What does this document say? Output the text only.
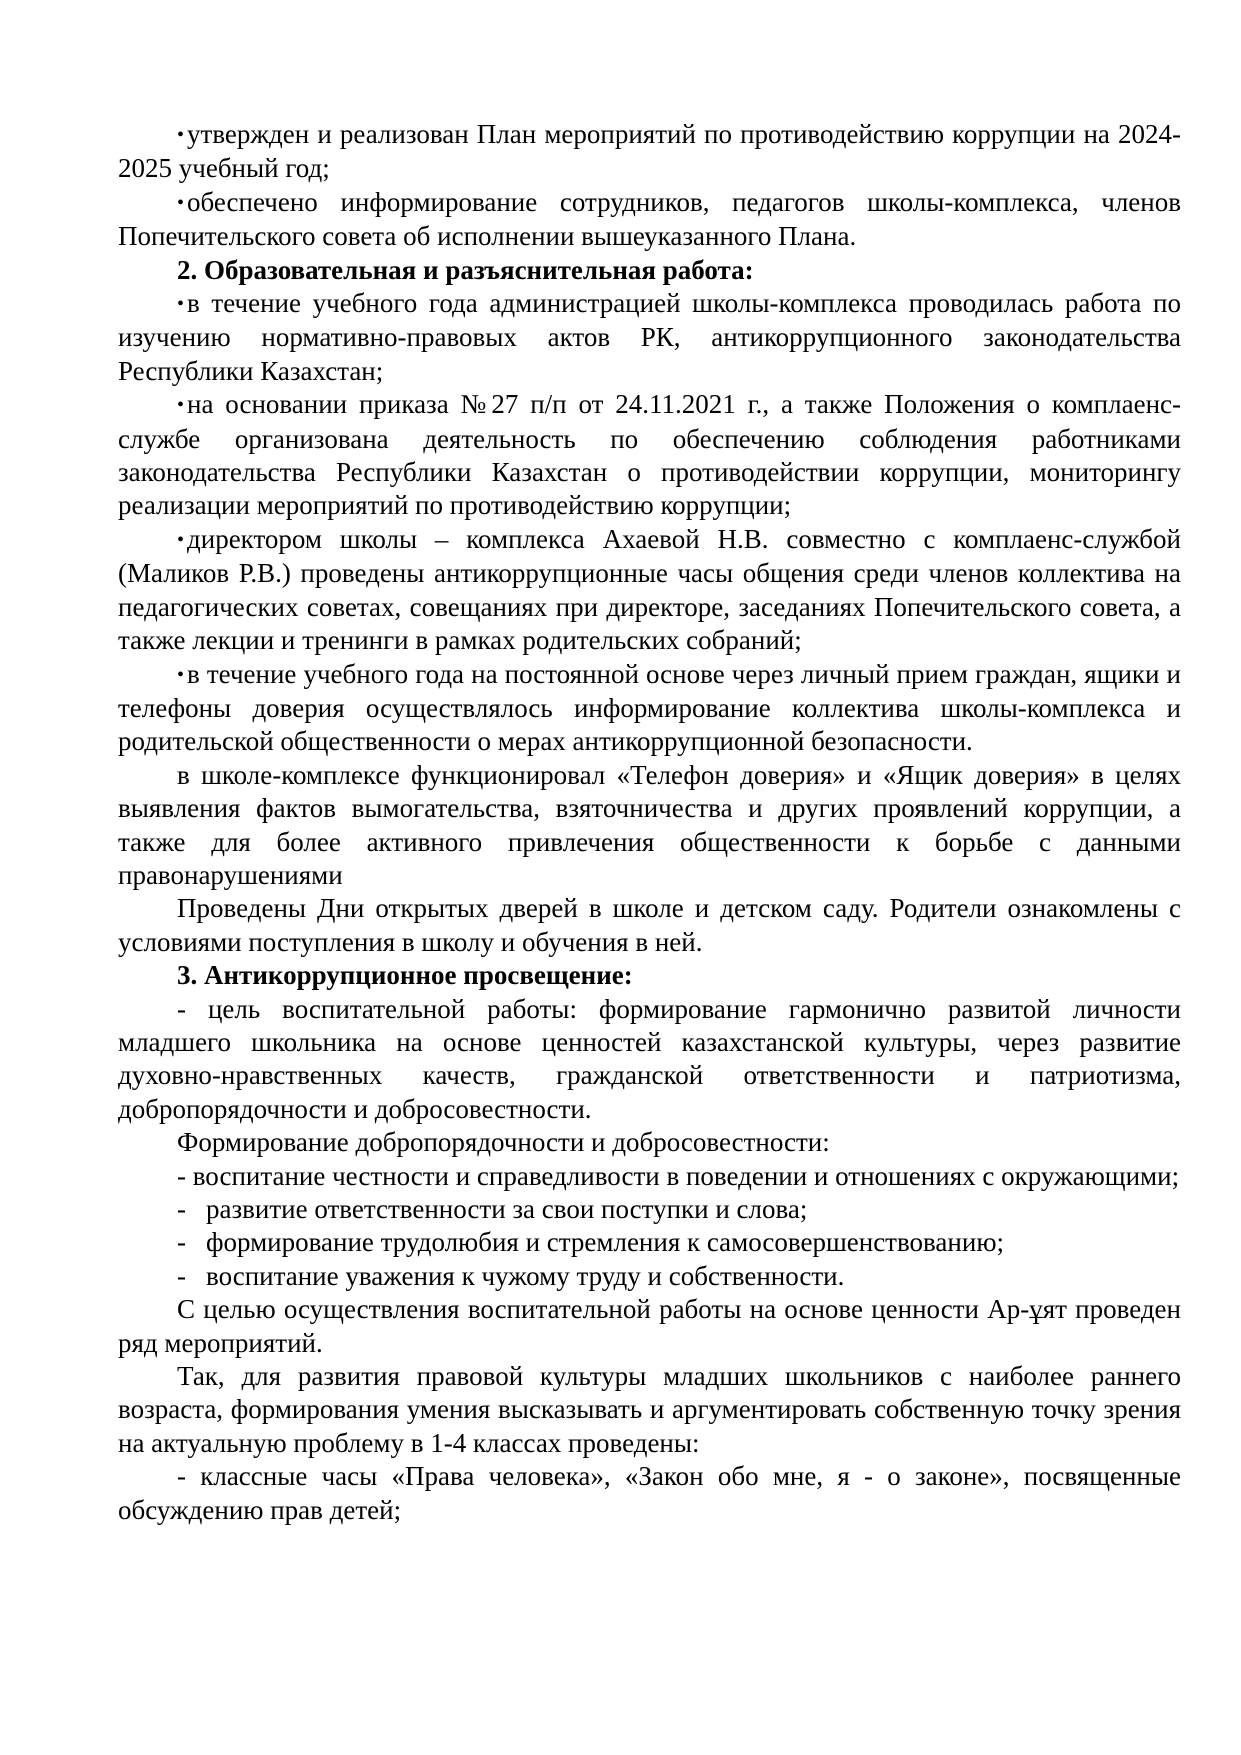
• утвержден и реализован План мероприятий по противодействию коррупции на 2024-2025 учебный год;

• обеспечено информирование сотрудников, педагогов школы-комплекса, членов Попечительского совета об исполнении вышеуказанного Плана.

2. Образовательная и разъяснительная работа:

• в течение учебного года администрацией школы-комплекса проводилась работа по изучению нормативно-правовых актов РК, антикоррупционного законодательства Республики Казахстан;

• на основании приказа №27 п/п от 24.11.2021 г., а также Положения о комплаенс-службе организована деятельность по обеспечению соблюдения работниками законодательства Республики Казахстан о противодействии коррупции, мониторингу реализации мероприятий по противодействию коррупции;

• директором школы – комплекса Ахаевой Н.В. совместно с комплаенс-службой (Маликов Р.В.) проведены антикоррупционные часы общения среди членов коллектива на педагогических советах, совещаниях при директоре, заседаниях Попечительского совета, а также лекции и тренинги в рамках родительских собраний;

• в течение учебного года на постоянной основе через личный прием граждан, ящики и телефоны доверия осуществлялось информирование коллектива школы-комплекса и родительской общественности о мерах антикоррупционной безопасности.

в школе-комплексе функционировал «Телефон доверия» и «Ящик доверия» в целях выявления фактов вымогательства, взяточничества и других проявлений коррупции, а также для более активного привлечения общественности к борьбе с данными правонарушениями

Проведены Дни открытых дверей в школе и детском саду. Родители ознакомлены с условиями поступления в школу и обучения в ней.

3. Антикоррупционное просвещение:

- цель воспитательной работы: формирование гармонично развитой личности младшего школьника на основе ценностей казахстанской культуры, через развитие духовно-нравственных качеств, гражданской ответственности и патриотизма, добропорядочности и добросовестности.

Формирование добропорядочности и добросовестности:

- воспитание честности и справедливости в поведении и отношениях с окружающими;

- развитие ответственности за свои поступки и слова;

- формирование трудолюбия и стремления к самосовершенствованию;

- воспитание уважения к чужому труду и собственности.

С целью осуществления воспитательной работы на основе ценности Ар-ұят проведен ряд мероприятий.

Так, для развития правовой культуры младших школьников с наиболее раннего возраста, формирования умения высказывать и аргументировать собственную точку зрения на актуальную проблему в 1-4 классах проведены:

- классные часы «Права человека», «Закон обо мне, я - о законе», посвященные обсуждению прав детей;
